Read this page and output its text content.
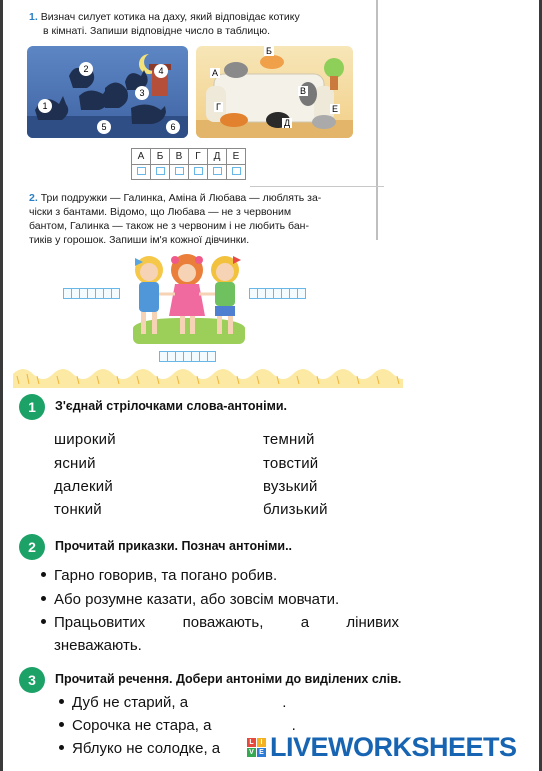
1. Визнач силует котика на даху, який відповідає котику
в кімнаті. Запиши відповідне число в таблицю.
1
2
3
4
5	6
А
Б
В
Г
Д
Е
А	Б	В	Г	Д	Е

2. Три подружки — Галинка, Аміна й Любава — люблять за-
чіски з бантами. Відомо, що Любава — не з червоним
бантом, Галинка — також не з червоним і не любить бан-
тиків у горошок. Запиши ім'я кожної дівчинки.
1	З'єднай стрілочками слова-антоніми.
широкий
ясний
далекий
тонкий
темний
товстий
вузький
близький
2	Прочитай приказки. Познач антоніми..
Гарно говорив, та погано робив.
Або розумне казати, або зовсім мовчати.
Працьовитих поважають, а лінивих
зневажають.
3	Прочитай речення. Добери антоніми до виділених слів.
Дуб не старий, а	.
Сорочка не стара, а	.
Яблуко не солодке, а	L I
V E LIVEWORKSHEETS
